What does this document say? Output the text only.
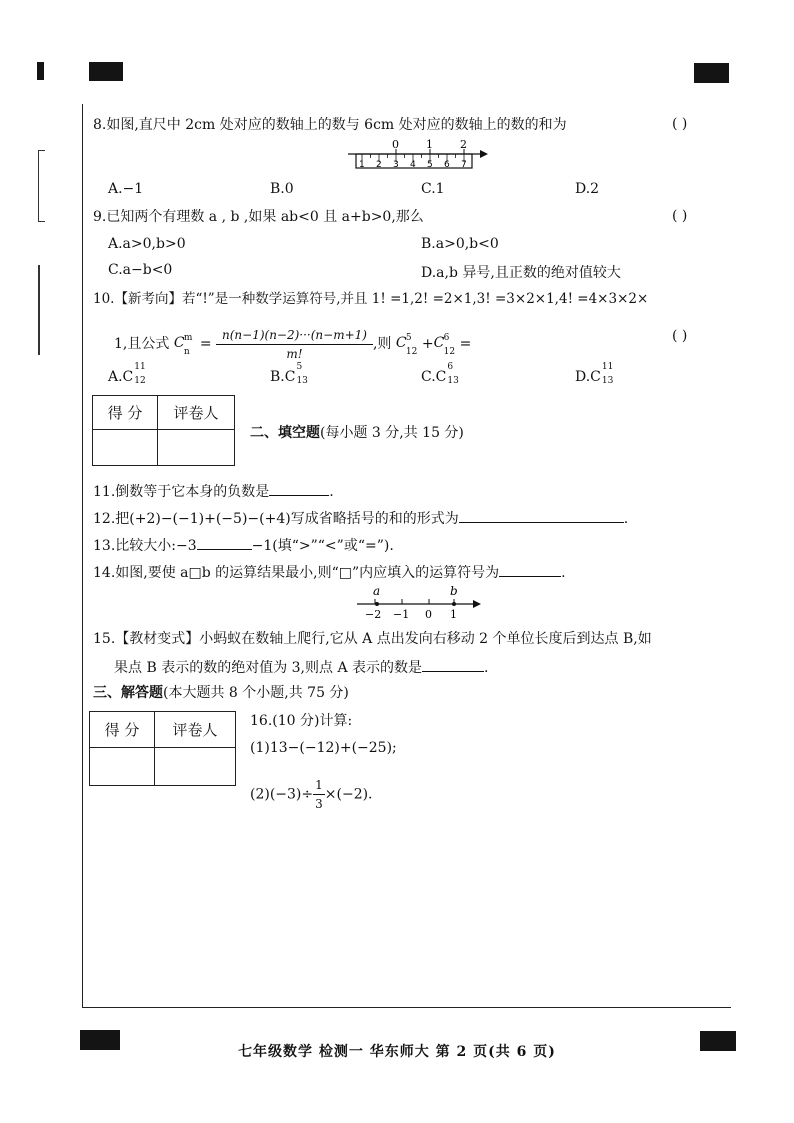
8.如图,直尺中 2cm 处对应的数轴上的数与 6cm 处对应的数轴上的数的和为	( )
0 1 2
1 2 3 4 5 6 7
A.−1	B.0	C.1	D.2
9.已知两个有理数 a , b ,如果 ab<0 且 a+b>0,那么	( )
A.a>0,b>0	B.a>0,b<0
C.a−b<0	D.a,b 异号,且正数的绝对值较大
10.【新考向】若“!”是一种数学运算符号,并且 1! =1,2! =2×1,3! =3×2×1,4! =4×3×2×
1,且公式 C m
$n = \frac{n(n-1)(n-2)\cdot\cdot\cdot(n-m+1)}{m!}$ ,则 C 5
12 + C 6
12 =	( )
A.C
11
12	B.C
5
13	C.C
6
13	D.C
11
13
得 分	评卷人

二、填空题(每小题 3 分,共 15 分)
11.倒数等于它本身的负数是	.
12.把(+2)−(−1)+(−5)−(+4)写成省略括号的和的形式为	.
13.比较大小:−3	−1(填“>”“<”或“=”).
14.如图,要使 a□b 的运算结果最小,则“□”内应填入的运算符号为	.
a	b
−2 −1 0 1
15.【教材变式】小蚂蚁在数轴上爬行,它从 A 点出发向右移动 2 个单位长度后到达点 B,如
果点 B 表示的数的绝对值为 3,则点 A 表示的数是	.
三、解答题(本大题共 8 个小题,共 75 分)
得 分	评卷人
	16.(10 分)计算:
(1)13−(−12)+(−25);
$(2)(-3)\div \frac{1}{3} \times(-2)$.
七年级数学 检测一 华东师大 第 2 页(共 6 页)
